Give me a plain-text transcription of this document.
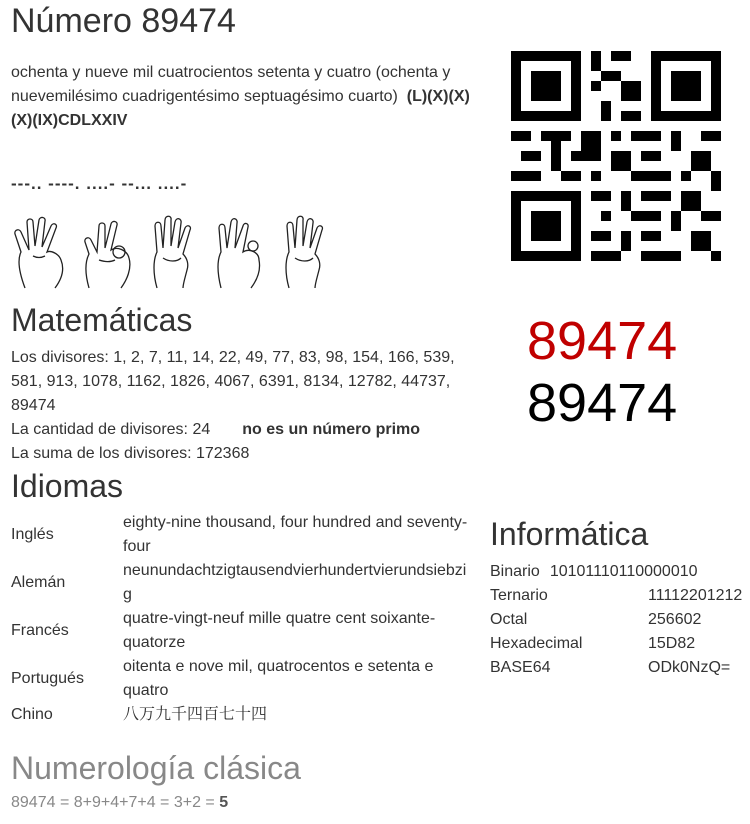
Número 89474
ochenta y nueve mil cuatrocientos setenta y cuatro (ochenta y nuevemilésimo cuadrigentésimo septuagésimo cuarto) (L)(X)(X)(X)(IX)CDLXXIV
---.. ----. ....- --... ....-
Matemáticas
Los divisores: 1, 2, 7, 11, 14, 22, 49, 77, 83, 98, 154, 166, 539, 581, 913, 1078, 1162, 1826, 4067, 6391, 8134, 12782, 44737, 89474
La cantidad de divisores: 24 no es un número primo
La suma de los divisores: 172368
89474
89474
Idiomas
Inglés	eighty-nine thousand, four hundred and seventy-four
Alemán	neunundachtzigtausendvierhundertvierundsiebzig
Francés	quatre-vingt-neuf mille quatre cent soixante-quatorze
Portugués	oitenta e nove mil, quatrocentos e setenta e quatro
Chino	八万九千四百七十四
Informática
Binario 10101110110000010
Ternario	11112201212
Octal	256602
Hexadecimal	15D82
BASE64	ODk0NzQ=
Numerología clásica
89474 = 8+9+4+7+4 = 3+2 = 5
